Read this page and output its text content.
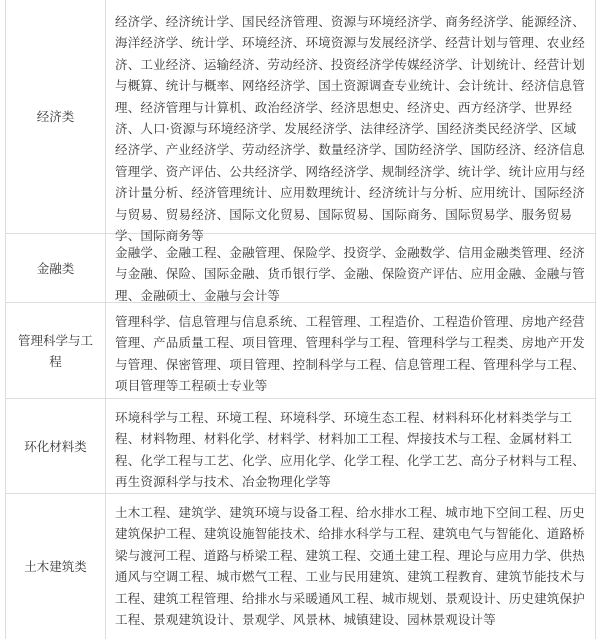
经济类
经济学、经济统计学、国民经济管理、资源与环境经济学、商务经济学、能源经济、海洋经济学、统计学、环境经济、环境资源与发展经济学、经营计划与管理、农业经济、工业经济、运输经济、劳动经济、投资经济学传媒经济学、计划统计、经营计划与概算、统计与概率、网络经济学、国土资源调查专业统计、会计统计、经济信息管理、经济管理与计算机、政治经济学、经济思想史、经济史、西方经济学、世界经济、人口·资源与环境经济学、发展经济学、法律经济学、国经济类民经济学、区域经济学、产业经济学、劳动经济学、数量经济学、国防经济学、国防经济、经济信息管理学、资产评估、公共经济学、网络经济学、规制经济学、统计学、统计应用与经济计量分析、经济管理统计、应用数理统计、经济统计与分析、应用统计、国际经济与贸易、贸易经济、国际文化贸易、国际贸易、国际商务、国际贸易学、服务贸易学、国际商务等
金融类
金融学、金融工程、金融管理、保险学、投资学、金融数学、信用金融类管理、经济与金融、保险、国际金融、货币银行学、金融、保险资产评估、应用金融、金融与管理、金融硕士、金融与会计等
管理科学与工程
管理科学、信息管理与信息系统、工程管理、工程造价、工程造价管理、房地产经营管理、产品质量工程、项目管理、管理科学与工程、管理科学与工程类、房地产开发与管理、保密管理、项目管理、控制科学与工程、信息管理工程、管理科学与工程、项目管理等工程硕士专业等
环化材料类
环境科学与工程、环境工程、环境科学、环境生态工程、材料科环化材料类学与工程、材料物理、材料化学、材料学、材料加工工程、焊接技术与工程、金属材料工程、化学工程与工艺、化学、应用化学、化学工程、化学工艺、高分子材料与工程、再生资源科学与技术、冶金物理化学等
土木建筑类
土木工程、建筑学、建筑环境与设备工程、给水排水工程、城市地下空间工程、历史建筑保护工程、建筑设施智能技术、给排水科学与工程、建筑电气与智能化、道路桥梁与渡河工程、道路与桥梁工程、建筑工程、交通土建工程、理论与应用力学、供热通风与空调工程、城市燃气工程、工业与民用建筑、建筑工程教育、建筑节能技术与工程、建筑工程管理、给排水与采暖通风工程、城市规划、景观设计、历史建筑保护工程、景观建筑设计、景观学、风景林、城镇建设、园林景观设计等
